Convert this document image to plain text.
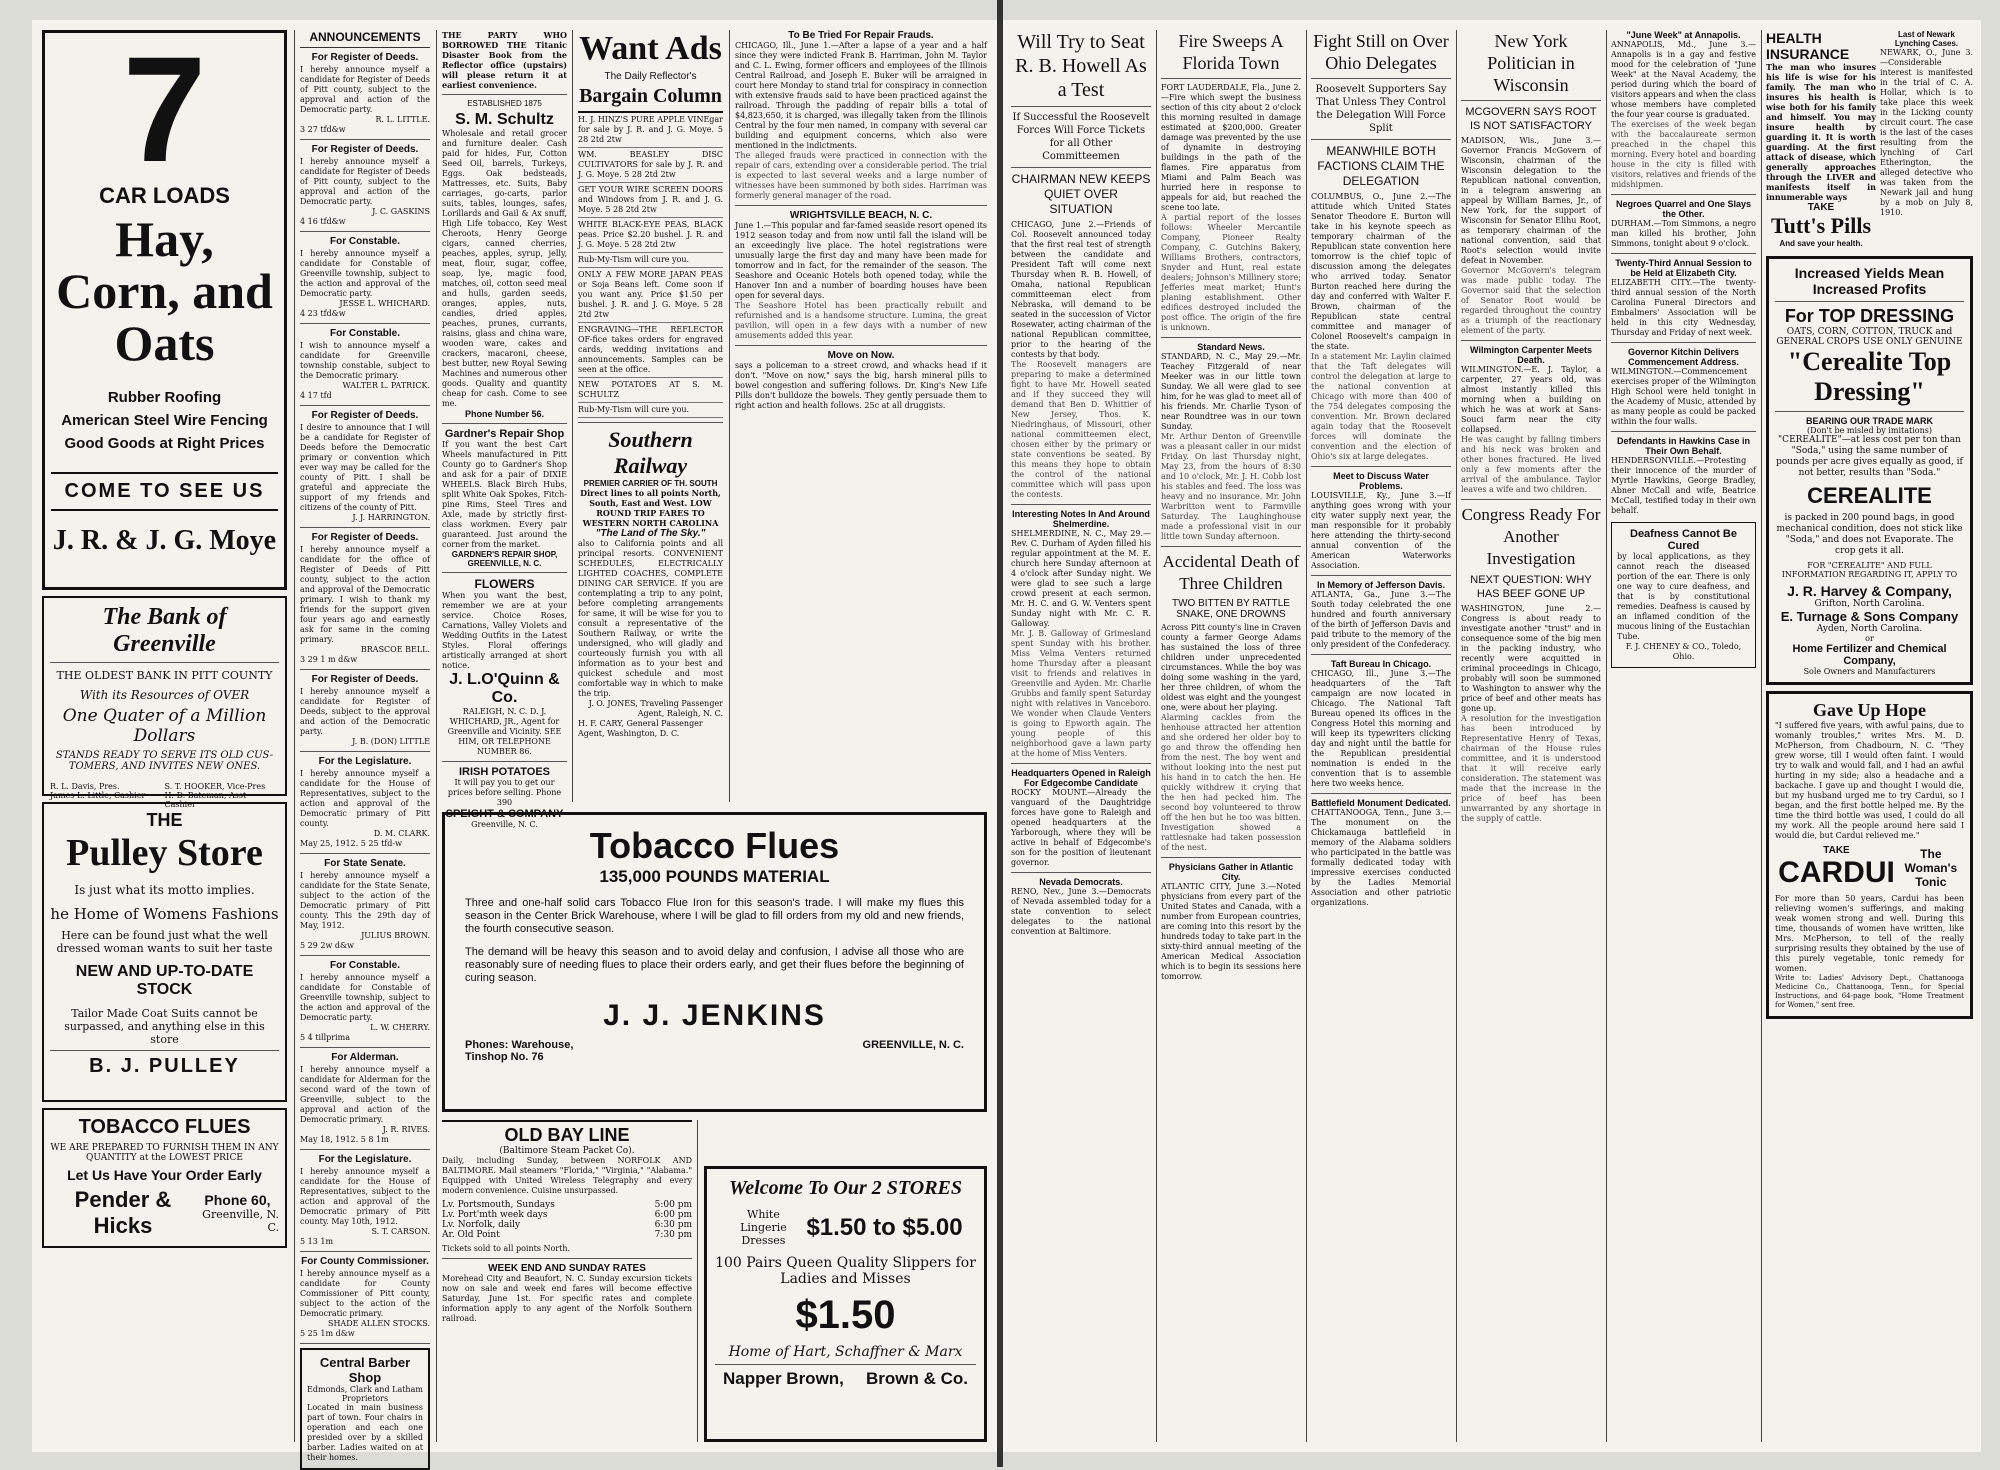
7
CAR LOADS
Hay, Corn, and Oats
Rubber Roofing
American Steel Wire Fencing
Good Goods at Right Prices
COME TO SEE US
J. R. & J. G. Moye
The Bank of Greenville
THE OLDEST BANK IN PITT COUNTY
With its Resources of OVER
One Quater of a Million Dollars
STANDS READY TO SERVE ITS OLD CUS-TOMERS, AND INVITES NEW ONES.
R. L. Davis, Pres.	S. T. HOOKER, Vice-Pres
James L. Little, Cashier	H. D. Bateman, Asst Cashier
THE
Pulley Store
Is just what its motto implies.
he Home of Womens Fashions
Here can be found just what the well dressed woman wants to suit her taste
NEW AND UP-TO-DATE STOCK
Tailor Made Coat Suits cannot be surpassed, and anything else in this store
B. J. PULLEY
TOBACCO FLUES
WE ARE PREPARED TO FURNISH THEM IN ANY QUANTITY at the LOWEST PRICE
Let Us Have Your Order Early
Pender & Hicks
Phone 60,
Greenville, N. C.
ANNOUNCEMENTS
For Register of Deeds.
I hereby announce myself a candidate for Register of Deeds of Pitt county, subject to the approval and action of the Democratic party.
R. L. LITTLE.
3 27 tfd&w
For Register of Deeds.
I hereby announce myself a candidate for Register of Deeds of Pitt county, subject to the approval and action of the Democratic party.
J. C. GASKINS
4 16 tfd&w
For Constable.
I hereby announce myself a candidate for Constable of Greenville township, subject to the action and approval of the Democratic party.
JESSE L. WHICHARD.
4 23 tfd&w
For Constable.
I wish to announce myself a candidate for Greenville township constable, subject to the Democratic primary.
WALTER L. PATRICK.
4 17 tfd
For Register of Deeds.
I desire to announce that I will be a candidate for Register of Deeds before the Democratic primary or convention which ever way may be called for the county of Pitt. I shall be grateful and appreciate the support of my friends and citizens of the county of Pitt.
J. J. HARRINGTON.
For Register of Deeds.
I hereby announce myself a candidate for the office of Register of Deeds of Pitt county, subject to the action and approval of the Democratic primary. I wish to thank my friends for the support given four years ago and earnestly ask for same in the coming primary.
BRASCOE BELL.
3 29 1 m d&w
For Register of Deeds.
I hereby announce myself a candidate for Register of Deeds, subject to the approval and action of the Democratic party.
J. B. (DON) LITTLE
For the Legislature.
I hereby announce myself a candidate for the House of Representatives, subject to the action and approval of the Democratic primary of Pitt county.
D. M. CLARK.
May 25, 1912. 5 25 tfd-w
For State Senate.
I hereby announce myself a candidate for the State Senate, subject to the action of the Democratic primary of Pitt county. This the 29th day of May, 1912.
JULIUS BROWN.
5 29 2w d&w
For Constable.
I hereby announce myself a candidate for Constable of Greenville township, subject to the action and approval of the Democratic party.
L. W. CHERRY.
5 4 tillprima
For Alderman.
I hereby announce myself a candidate for Alderman for the second ward of the town of Greenville, subject to the approval and action of the Democratic primary.
J. R. RIVES.
May 18, 1912. 5 8 1m
For the Legislature.
I hereby announce myself a candidate for the House of Representatives, subject to the action and approval of the Democratic primary of Pitt county. May 10th, 1912.
S. T. CARSON.
5 13 1m
For County Commissioner.
I hereby announce myself as a candidate for County Commissioner of Pitt county, subject to the action of the Democratic primary.
SHADE ALLEN STOCKS.
5 25 1m d&w
Central Barber Shop
Edmonds, Clark and Latham Proprietors
Located in main business part of town. Four chairs in operation and each one presided over by a skilled barber. Ladies waited on at their homes.
THE PARTY WHO BORROWED THE Titanic Disaster Book from the Reflector office (upstairs) will please return it at earliest convenience.
ESTABLISHED 1875
S. M. Schultz
Wholesale and retail grocer and furniture dealer. Cash paid for hides, Fur, Cotton Seed Oil, barrels, Turkeys, Eggs. Oak bedsteads, Mattresses, etc. Suits, Baby carriages, go-carts, parlor suits, tables, lounges, safes, Lorillards and Gail & Ax snuff, High Life tobacco, Key West Cheroots, Henry George cigars, canned cherries, peaches, apples, syrup, jelly, meat, flour, sugar, coffee, soap, lye, magic food, matches, oil, cotton seed meal and hulls, garden seeds, oranges, apples, nuts, candies, dried apples, peaches, prunes, currants, raisins, glass and china ware, wooden ware, cakes and crackers, macaroni, cheese, best butter, new Royal Sewing Machines and numerous other goods. Quality and quantity cheap for cash. Come to see me.
Phone Number 56.
Gardner's Repair Shop
If you want the best Cart Wheels manufactured in Pitt County go to Gardner's Shop and ask for a pair of DIXIE WHEELS. Black Birch Hubs, split White Oak Spokes, Fitch-pine Rims, Steel Tires and Axle, made by strictly first-class workmen. Every pair guaranteed. Just around the corner from the market.
GARDNER'S REPAIR SHOP, GREENVILLE, N. C.
FLOWERS
When you want the best, remember we are at your service. Choice Roses, Carnations, Valley Violets and Wedding Outfits in the Latest Styles. Floral offerings artistically arranged at short notice.
J. L.O'Quinn & Co.
RALEIGH, N. C. D. J. WHICHARD, JR., Agent for Greenville and Vicinity. SEE HIM, OR TELEPHONE NUMBER 86.
IRISH POTATOES
It will pay you to get our prices before selling. Phone 390
SPEIGHT & COMPANY
Greenville, N. C.
Want Ads
The Daily Reflector's
Bargain Column
H. J. HINZ'S PURE APPLE VINEgar for sale by J. R. and J. G. Moye. 5 28 2td 2tw
WM. BEASLEY DISC CULTIVATORS for sale by J. R. and J. G. Moye. 5 28 2td 2tw
GET YOUR WIRE SCREEN DOORS and Windows from J. R. and J. G. Moye. 5 28 2td 2tw
WHITE BLACK-EYE PEAS, BLACK peas. Price $2.20 bushel. J. R. and J. G. Moye. 5 28 2td 2tw
Rub-My-Tism will cure you.
ONLY A FEW MORE JAPAN PEAS or Soja Beans left. Come soon if you want any. Price $1.50 per bushel. J. R. and J. G. Moye. 5 28 2td 2tw
ENGRAVING—THE REFLECTOR OF-fice takes orders for engraved cards, wedding invitations and announcements. Samples can be seen at the office.
NEW POTATOES AT S. M. SCHULTZ
Rub-My-Tism will cure you.
Southern Railway
PREMIER CARRIER OF TH. SOUTH
Direct lines to all points North, South, East and West. LOW ROUND TRIP FARES TO WESTERN NORTH CAROLINA
"The Land of The Sky."
also to California points and all principal resorts. CONVENIENT SCHEDULES, ELECTRICALLY LIGHTED COACHES, COMPLETE DINING CAR SERVICE. If you are contemplating a trip to any point, before completing arrangements for same, it will be wise for you to consult a representative of the Southern Railway, or write the undersigned, who will gladly and courteously furnish you with all information as to your best and quickest schedule and most comfortable way in which to make the trip.
J. O. JONES, Traveling Passenger Agent, Raleigh, N. C.
H. F. CARY, General Passenger Agent, Washington, D. C.
To Be Tried For Repair Frauds.
CHICAGO, Ill., June 1.—After a lapse of a year and a half since they were indicted Frank B. Harriman, John M. Taylor and C. L. Ewing, former officers and employees of the Illinois Central Railroad, and Joseph E. Buker will be arraigned in court here Monday to stand trial for conspiracy in connection with extensive frauds said to have been practiced against the railroad. Through the padding of repair bills a total of $4,823,650, it is charged, was illegally taken from the Illinois Central by the four men named, in company with several car building and equipment concerns, which also were mentioned in the indictments.
The alleged frauds were practiced in connection with the repair of cars, extending over a considerable period. The trial is expected to last several weeks and a large number of witnesses have been summoned by both sides. Harriman was formerly general manager of the road.
WRIGHTSVILLE BEACH, N. C.
June 1.—This popular and far-famed seaside resort opened its 1912 season today and from now until fall the island will be an exceedingly live place. The hotel registrations were unusually large the first day and many have been made for tomorrow and in fact, for the remainder of the season. The Seashore and Oceanic Hotels both opened today, while the Hanover Inn and a number of boarding houses have been open for several days.
The Seashore Hotel has been practically rebuilt and refurnished and is a handsome structure. Lumina, the great pavilion, will open in a few days with a number of new amusements added this year.
Move on Now.
says a policeman to a street crowd, and whacks head if it don't. "Move on now," says the big, harsh mineral pills to bowel congestion and suffering follows. Dr. King's New Life Pills don't bulldoze the bowels. They gently persuade them to right action and health follows. 25c at all druggists.
Tobacco Flues
135,000 POUNDS MATERIAL
Three and one-half solid cars Tobacco Flue Iron for this season's trade. I will make my flues this season in the Center Brick Warehouse, where I will be glad to fill orders from my old and new friends, the fourth consecutive season.
The demand will be heavy this season and to avoid delay and confusion, I advise all those who are reasonably sure of needing flues to place their orders early, and get their flues before the beginning of curing season.
J. J. JENKINS
Phones: Warehouse, Tinshop No. 76
GREENVILLE, N. C.
OLD BAY LINE
(Baltimore Steam Packet Co).
Daily, including Sunday, between NORFOLK AND BALTIMORE. Mail steamers "Florida," "Virginia," "Alabama." Equipped with United Wireless Telegraphy and every modern convenience. Cuisine unsurpassed.
Lv. Portsmouth, Sundays	5:00 pm
Lv. Port'mth week days	6:00 pm
Lv. Norfolk, daily	6:30 pm
Ar. Old Point	7:30 pm
Tickets sold to all points North.
WEEK END AND SUNDAY RATES
Morehead City and Beaufort, N. C. Sunday excursion tickets now on sale and week end fares will become effective Saturday, June 1st. For specific rates and complete information apply to any agent of the Norfolk Southern railroad.
Welcome To Our 2 STORES
White Lingerie Dresses $1.50 to $5.00
100 Pairs Queen Quality Slippers for Ladies and Misses
$1.50
Home of Hart, Schaffner & Marx
Napper Brown, Brown & Co.
Will Try to Seat R. B. Howell As a Test
If Successful the Roosevelt Forces Will Force Tickets for all Other Committeemen
CHAIRMAN NEW KEEPS QUIET OVER SITUATION
CHICAGO, June 2.—Friends of Col. Roosevelt announced today that the first real test of strength between the candidate and President Taft will come next Thursday when R. B. Howell, of Omaha, national Republican committeeman elect from Nebraska, will demand to be seated in the succession of Victor Rosewater, acting chairman of the national Republican committee, prior to the hearing of the contests by that body.
The Roosevelt managers are preparing to make a determined fight to have Mr. Howell seated and if they succeed they will demand that Ben D. Whittier of New Jersey, Thos. K. Niedringhaus, of Missouri, other national committeemen elect, chosen either by the primary or state conventions be seated. By this means they hope to obtain the control of the national committee which will pass upon the contests.
Interesting Notes In And Around Shelmerdine.
SHELMERDINE, N. C., May 29.—Rev. C. Durham of Ayden filled his regular appointment at the M. E. church here Sunday afternoon at 4 o'clock after Sunday night. We were glad to see such a large crowd present at each sermon. Mr. H. C. and G. W. Venters spent Sunday night with Mr. C. R. Galloway.
Mr. J. B. Galloway of Grimesland spent Sunday with his brother. Miss Velma Venters returned home Thursday after a pleasant visit to friends and relatives in Greenville and Ayden. Mr. Charlie Grubbs and family spent Saturday night with relatives in Vanceboro. We wonder when Claude Venters is going to Epworth again. The young people of this neighborhood gave a lawn party at the home of Miss Venters.
Headquarters Opened in Raleigh For Edgecombe Candidate
ROCKY MOUNT.—Already the vanguard of the Daughtridge forces have gone to Raleigh and opened headquarters at the Yarborough, where they will be active in behalf of Edgecombe's son for the position of lieutenant governor.
Nevada Democrats.
RENO, Nev., June 3.—Democrats of Nevada assembled today for a state convention to select delegates to the national convention at Baltimore.
Fire Sweeps A Florida Town
FORT LAUDERDALE, Fla., June 2.—Fire which swept the business section of this city about 2 o'clock this morning resulted in damage estimated at $200,000. Greater damage was prevented by the use of dynamite in destroying buildings in the path of the flames. Fire apparatus from Miami and Palm Beach was hurried here in response to appeals for aid, but reached the scene too late.
A partial report of the losses follows: Wheeler Mercantile Company, Pioneer Realty Company, C. Gutchins Bakery, Williams Brothers, contractors, Snyder and Hunt, real estate dealers; Johnson's Millinery store; Jefferies meat market; Hunt's planing establishment. Other edifices destroyed included the post office. The origin of the fire is unknown.
Standard News.
STANDARD, N. C., May 29.—Mr. Teachey Fitzgerald of near Meeker was in our little town Sunday. We all were glad to see him, for he was glad to meet all of his friends. Mr. Charlie Tyson of near Roundtree was in our town Sunday.
Mr. Arthur Denton of Greenville was a pleasant caller in our midst Friday. On last Thursday night, May 23, from the hours of 8:30 and 10 o'clock, Mr. J. H. Cobb lost his stables and feed. The loss was heavy and no insurance. Mr. John Warbritton went to Farmville Saturday. The Laughinghouse made a professional visit in our little town Sunday afternoon.
Accidental Death of Three Children
TWO BITTEN BY RATTLE SNAKE, ONE DROWNS
Across Pitt county's line in Craven county a farmer George Adams has sustained the loss of three children under unprecedented circumstances. While the boy was doing some washing in the yard, her three children, of whom the oldest was eight and the youngest one, were about her playing.
Alarming cackles from the henhouse attracted her attention and she ordered her older boy to go and throw the offending hen from the nest. The boy went and without looking into the nest put his hand in to catch the hen. He quickly withdrew it crying that the hen had pecked him. The second boy volunteered to throw off the hen but he too was bitten. Investigation showed a rattlesnake had taken possession of the nest.
Physicians Gather in Atlantic City.
ATLANTIC CITY, June 3.—Noted physicians from every part of the United States and Canada, with a number from European countries, are coming into this resort by the hundreds today to take part in the sixty-third annual meeting of the American Medical Association which is to begin its sessions here tomorrow.
Fight Still on Over Ohio Delegates
Roosevelt Supporters Say That Unless They Control the Delegation Will Force Split
MEANWHILE BOTH FACTIONS CLAIM THE DELEGATION
COLUMBUS, O., June 2.—The attitude which United States Senator Theodore E. Burton will take in his keynote speech as temporary chairman of the Republican state convention here tomorrow is the chief topic of discussion among the delegates who arrived today. Senator Burton reached here during the day and conferred with Walter F. Brown, chairman of the Republican state central committee and manager of Colonel Roosevelt's campaign in the state.
In a statement Mr. Laylin claimed that the Taft delegates will control the delegation at large to the national convention at Chicago with more than 400 of the 754 delegates composing the convention. Mr. Brown declared again today that the Roosevelt forces will dominate the convention and the election of Ohio's six at large delegates.
Meet to Discuss Water Problems.
LOUISVILLE, Ky., June 3.—If anything goes wrong with your city water supply next year, the man responsible for it probably here attending the thirty-second annual convention of the American Waterworks Association.
In Memory of Jefferson Davis.
ATLANTA, Ga., June 3.—The South today celebrated the one hundred and fourth anniversary of the birth of Jefferson Davis and paid tribute to the memory of the only president of the Confederacy.
Taft Bureau In Chicago.
CHICAGO, Ill., June 3.—The headquarters of the Taft campaign are now located in Chicago. The National Taft Bureau opened its offices in the Congress Hotel this morning and will keep its typewriters clicking day and night until the battle for the Republican presidential nomination is ended in the convention that is to assemble here two weeks hence.
Battlefield Monument Dedicated.
CHATTANOOGA, Tenn., June 3.—The monument on the Chickamauga battlefield in memory of the Alabama soldiers who participated in the battle was formally dedicated today with impressive exercises conducted by the Ladies Memorial Association and other patriotic organizations.
New York Politician in Wisconsin
MCGOVERN SAYS ROOT IS NOT SATISFACTORY
MADISON, Wis., June 3.—Governor Francis McGovern of Wisconsin, chairman of the Wisconsin delegation to the Republican national convention, in a telegram answering an appeal by William Barnes, Jr., of New York, for the support of Wisconsin for Senator Elihu Root, as temporary chairman of the national convention, said that Root's selection would invite defeat in November.
Governor McGovern's telegram was made public today. The Governor said that the selection of Senator Root would be regarded throughout the country as a triumph of the reactionary element of the party.
Wilmington Carpenter Meets Death.
WILMINGTON.—E. J. Taylor, a carpenter, 27 years old, was almost instantly killed this morning when a building on which he was at work at Sans-Souci farm near the city collapsed.
He was caught by falling timbers and his neck was broken and other bones fractured. He lived only a few moments after the arrival of the ambulance. Taylor leaves a wife and two children.
Congress Ready For Another Investigation
NEXT QUESTION: WHY HAS BEEF GONE UP
WASHINGTON, June 2.—Congress is about ready to investigate another "trust" and in consequence some of the big men in the packing industry, who recently were acquitted in criminal proceedings in Chicago, probably will soon be summoned to Washington to answer why the price of beef and other meats has gone up.
A resolution for the investigation has been introduced by Representative Henry of Texas, chairman of the House rules committee, and it is understood that it will receive early consideration. The statement was made that the increase in the price of beef has been unwarranted by any shortage in the supply of cattle.
"June Week" at Annapolis.
ANNAPOLIS, Md., June 3.—Annapolis is in a gay and festive mood for the celebration of "June Week" at the Naval Academy, the period during which the board of visitors appears and when the class whose members have completed the four year course is graduated.
The exercises of the week began with the baccalaureate sermon preached in the chapel this morning. Every hotel and boarding house in the city is filled with visitors, relatives and friends of the midshipmen.
Negroes Quarrel and One Slays the Other.
DURHAM.—Tom Simmons, a negro man killed his brother, John Simmons, tonight about 9 o'clock.
Twenty-Third Annual Session to be Held at Elizabeth City.
ELIZABETH CITY.—The twenty-third annual session of the North Carolina Funeral Directors and Embalmers' Association will be held in this city Wednesday, Thursday and Friday of next week.
Governor Kitchin Delivers Commencement Address.
WILMINGTON.—Commencement exercises proper of the Wilmington High School were held tonight in the Academy of Music, attended by as many people as could be packed within the four walls.
Defendants in Hawkins Case in Their Own Behalf.
HENDERSONVILLE.—Protesting their innocence of the murder of Myrtle Hawkins, George Bradley, Abner McCall and wife, Beatrice McCall, testified today in their own behalf.
Deafness Cannot Be Cured
by local applications, as they cannot reach the diseased portion of the ear. There is only one way to cure deafness, and that is by constitutional remedies. Deafness is caused by an inflamed condition of the mucous lining of the Eustachian Tube.
F. J. CHENEY & CO., Toledo, Ohio.
HEALTH INSURANCE
The man who insures his life is wise for his family. The man who insures his health is wise both for his family and himself. You may insure health by guarding it. It is worth guarding. At the first attack of disease, which generally approaches through the LIVER and manifests itself in innumerable ways
TAKE
Tutt's Pills
And save your health.
Last of Newark Lynching Cases.
NEWARK, O., June 3.—Considerable interest is manifested in the trial of C. A. Hollar, which is to take place this week in the Licking county circuit court. The case is the last of the cases resulting from the lynching of Carl Etherington, the alleged detective who was taken from the Newark jail and hung by a mob on July 8, 1910.
Increased Yields Mean Increased Profits
For TOP DRESSING
OATS, CORN, COTTON, TRUCK and GENERAL CROPS USE ONLY GENUINE
"Cerealite Top Dressing"
BEARING OUR TRADE MARK
(Don't be misled by imitations)
"CEREALITE"—at less cost per ton than "Soda," using the same number of pounds per acre gives equally as good, if not better, results than "Soda."
CEREALITE
is packed in 200 pound bags, in good mechanical condition, does not stick like "Soda," and does not Evaporate. The crop gets it all.
FOR "CEREALITE" AND FULL INFORMATION REGARDING IT, APPLY TO
J. R. Harvey & Company,
Grifton, North Carolina.
E. Turnage & Sons Company
Ayden, North Carolina.
or
Home Fertilizer and Chemical Company,
Sole Owners and Manufacturers
Gave Up Hope
"I suffered five years, with awful pains, due to womanly troubles," writes Mrs. M. D. McPherson, from Chadbourn, N. C. "They grew worse, till I would often faint. I would try to walk and would fall, and I had an awful hurting in my side; also a headache and a backache. I gave up and thought I would die, but my husband urged me to try Cardui, so I began, and the first bottle helped me. By the time the third bottle was used, I could do all my work. All the people around here said I would die, but Cardui relieved me."
TAKE
CARDUI
The Woman's Tonic
For more than 50 years, Cardui has been relieving women's sufferings, and making weak women strong and well. During this time, thousands of women have written, like Mrs. McPherson, to tell of the really surprising results they obtained by the use of this purely vegetable, tonic remedy for women.
Write to: Ladies' Advisory Dept., Chattanooga Medicine Co., Chattanooga, Tenn., for Special Instructions, and 64-page book, "Home Treatment for Women," sent free.
